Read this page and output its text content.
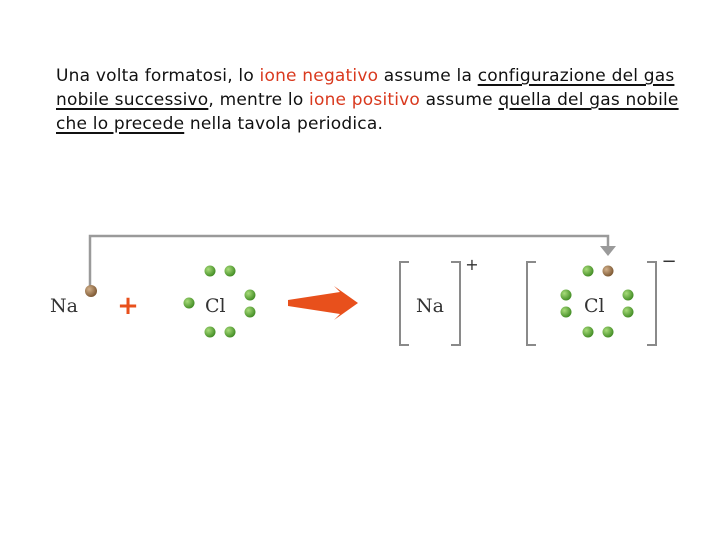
Una volta formatosi, lo ione negativo assume la configurazione del gas nobile successivo, mentre lo ione positivo assume quella del gas nobile che lo precede nella tavola periodica.
Na +	Cl	Na
+
Cl
−
